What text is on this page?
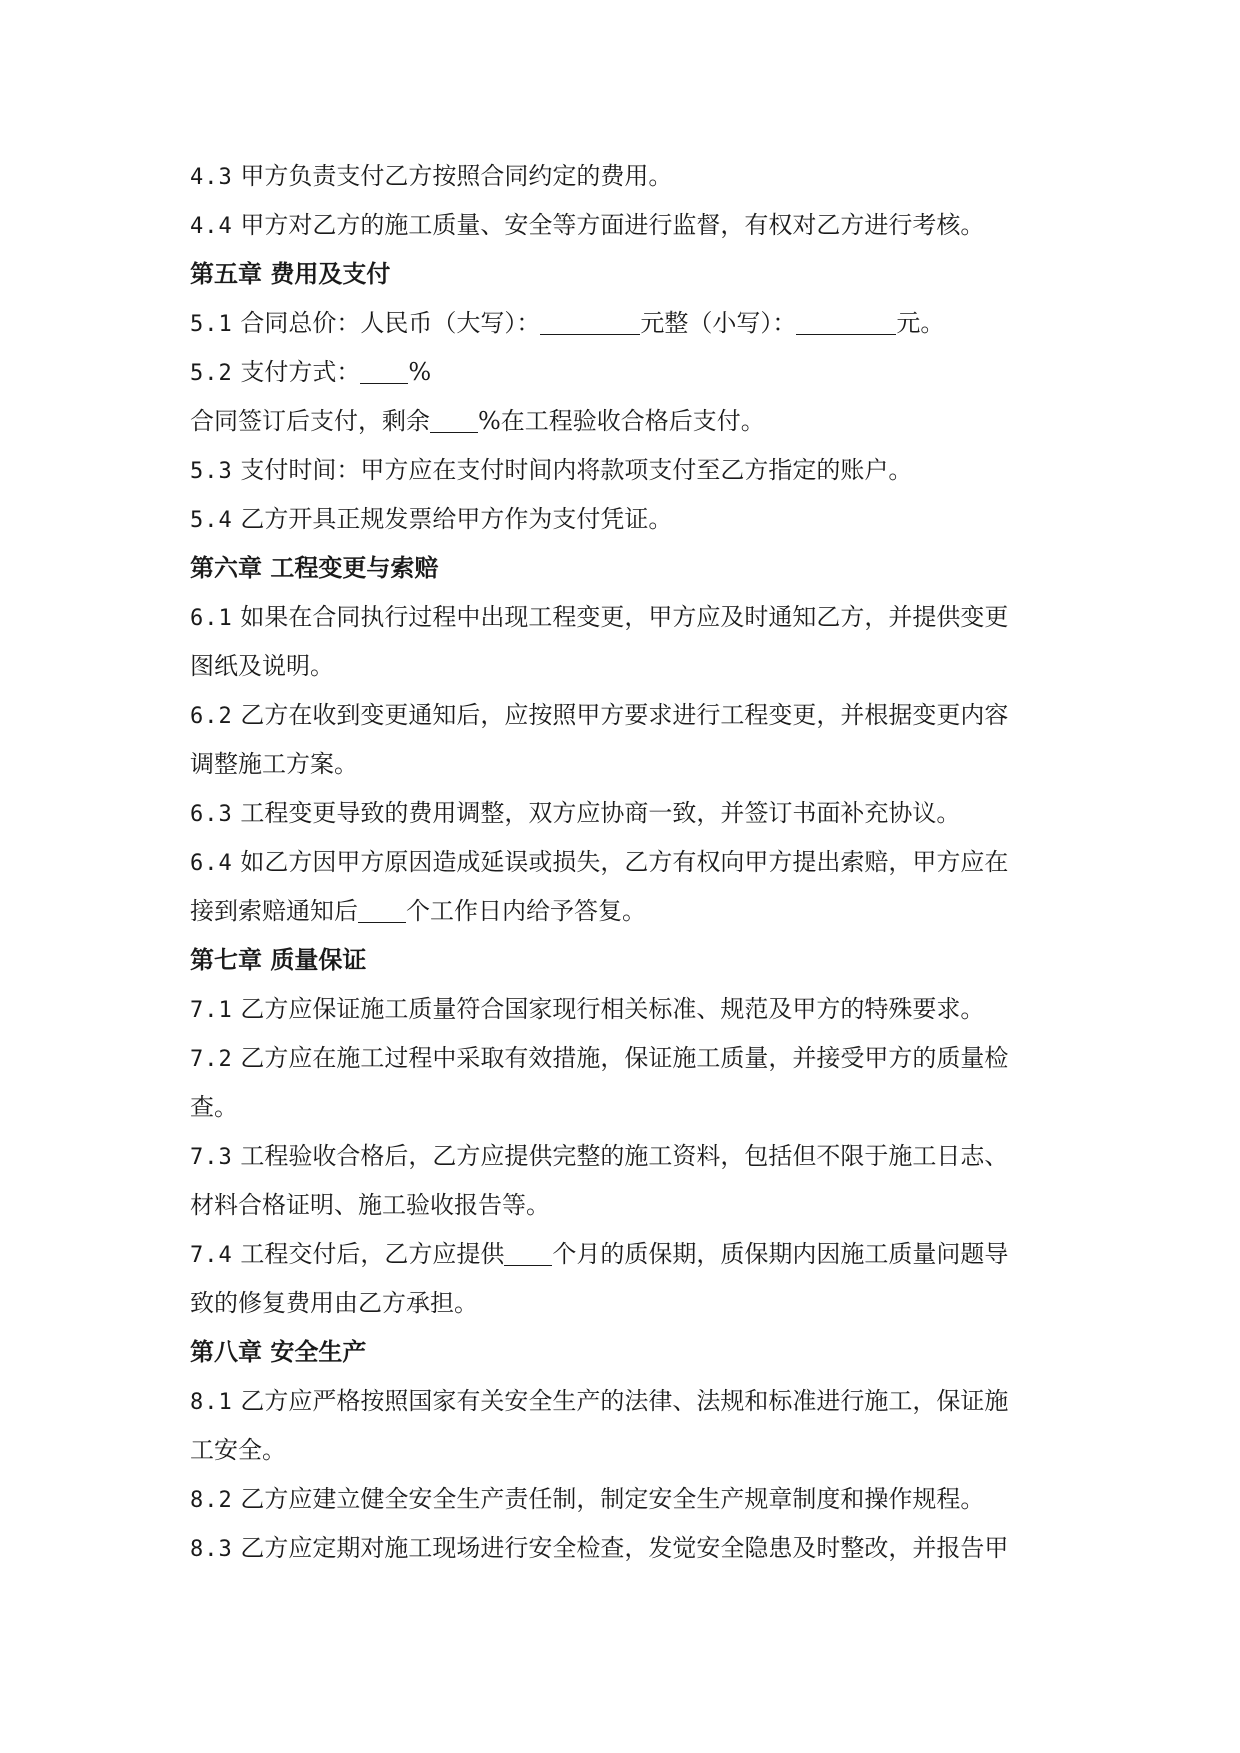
4.3 甲方负责支付乙方按照合同约定的费用。
4.4 甲方对乙方的施工质量、安全等方面进行监督，有权对乙方进行考核。
第五章 费用及支付
5.1 合同总价：人民币（大写）：	元整（小写）：	元。
5.2 支付方式： %
合同签订后支付，剩余 %在工程验收合格后支付。
5.3 支付时间：甲方应在支付时间内将款项支付至乙方指定的账户。
5.4 乙方开具正规发票给甲方作为支付凭证。
第六章 工程变更与索赔
6.1 如果在合同执行过程中出现工程变更，甲方应及时通知乙方，并提供变更
图纸及说明。
6.2 乙方在收到变更通知后，应按照甲方要求进行工程变更，并根据变更内容
调整施工方案。
6.3 工程变更导致的费用调整，双方应协商一致，并签订书面补充协议。
6.4 如乙方因甲方原因造成延误或损失，乙方有权向甲方提出索赔，甲方应在
接到索赔通知后 个工作日内给予答复。
第七章 质量保证
7.1 乙方应保证施工质量符合国家现行相关标准、规范及甲方的特殊要求。
7.2 乙方应在施工过程中采取有效措施，保证施工质量，并接受甲方的质量检
查。
7.3 工程验收合格后，乙方应提供完整的施工资料，包括但不限于施工日志、
材料合格证明、施工验收报告等。
7.4 工程交付后，乙方应提供 个月的质保期，质保期内因施工质量问题导
致的修复费用由乙方承担。
第八章 安全生产
8.1 乙方应严格按照国家有关安全生产的法律、法规和标准进行施工，保证施
工安全。
8.2 乙方应建立健全安全生产责任制，制定安全生产规章制度和操作规程。
8.3 乙方应定期对施工现场进行安全检查，发觉安全隐患及时整改，并报告甲
